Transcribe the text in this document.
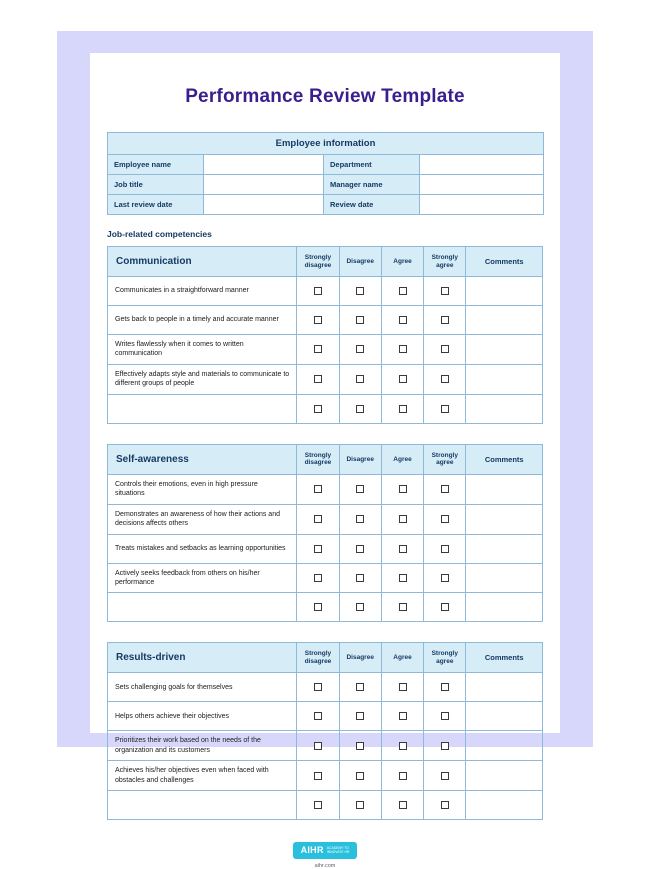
Performance Review Template
Employee information			
Employee name		Department	
Job title		Manager name	
Last review date		Review date	
Job-related competencies
Communication	Strongly disagree	Disagree	Agree	Strongly agree	Comments
Communicates in a straightforward manner					
Gets back to people in a timely and accurate manner					
Writes flawlessly when it comes to written communication					
Effectively adapts style and materials to communicate to different groups of people					

Self-awareness	Strongly disagree	Disagree	Agree	Strongly agree	Comments
Controls their emotions, even in high pressure situations					
Demonstrates an awareness of how their actions and decisions affects others					
Treats mistakes and setbacks as learning opportunities					
Actively seeks feedback from others on his/her performance					

Results-driven	Strongly disagree	Disagree	Agree	Strongly agree	Comments
Sets challenging goals for themselves					
Helps others achieve their objectives					
Prioritizes their work based on the needs of the organization and its customers					
Achieves his/her objectives even when faced with obstacles and challenges					

AIHR ACADEMY TO
INNOVATE HR
aihr.com
